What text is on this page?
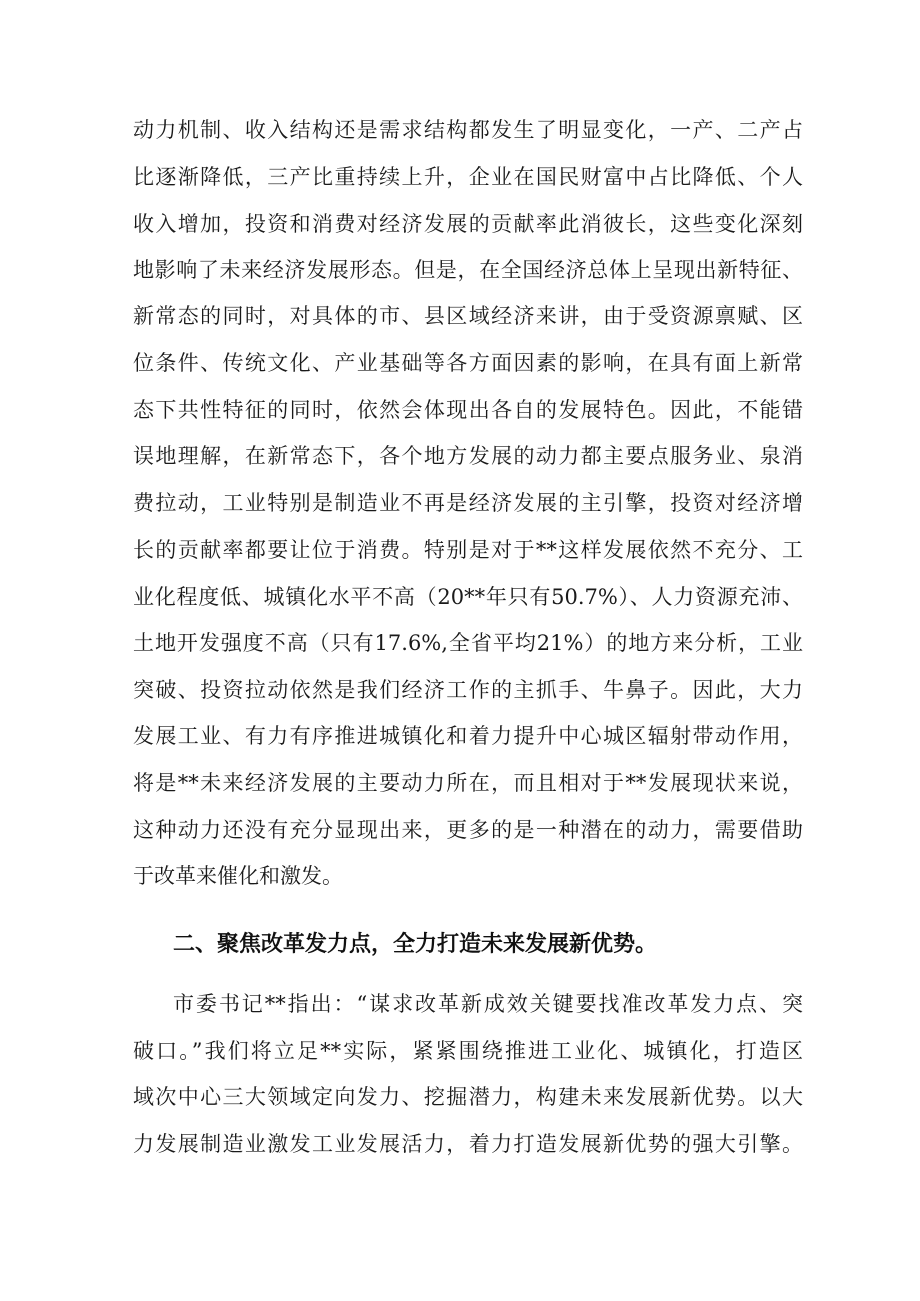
动力机制、收入结构还是需求结构都发生了明显变化，一产、二产占
比逐渐降低，三产比重持续上升，企业在国民财富中占比降低、个人
收入增加，投资和消费对经济发展的贡献率此消彼长，这些变化深刻
地影响了未来经济发展形态。但是，在全国经济总体上呈现出新特征、
新常态的同时，对具体的市、县区域经济来讲，由于受资源禀赋、区
位条件、传统文化、产业基础等各方面因素的影响，在具有面上新常
态下共性特征的同时，依然会体现出各自的发展特色。因此，不能错
误地理解，在新常态下，各个地方发展的动力都主要点服务业、泉消
费拉动，工业特别是制造业不再是经济发展的主引擎，投资对经济增
长的贡献率都要让位于消费。特别是对于**这样发展依然不充分、工
业化程度低、城镇化水平不高（20**年只有50.7%）、人力资源充沛、
土地开发强度不高（只有17.6%,全省平均21%）的地方来分析，工业
突破、投资拉动依然是我们经济工作的主抓手、牛鼻子。因此，大力
发展工业、有力有序推进城镇化和着力提升中心城区辐射带动作用，
将是**未来经济发展的主要动力所在，而且相对于**发展现状来说，
这种动力还没有充分显现出来，更多的是一种潜在的动力，需要借助
于改革来催化和激发。
二、聚焦改革发力点，全力打造未来发展新优势。
市委书记**指出：“谋求改革新成效关键要找准改革发力点、突
破口。”我们将立足**实际，紧紧围绕推进工业化、城镇化，打造区
域次中心三大领域定向发力、挖掘潜力，构建未来发展新优势。以大
力发展制造业激发工业发展活力，着力打造发展新优势的强大引擎。
